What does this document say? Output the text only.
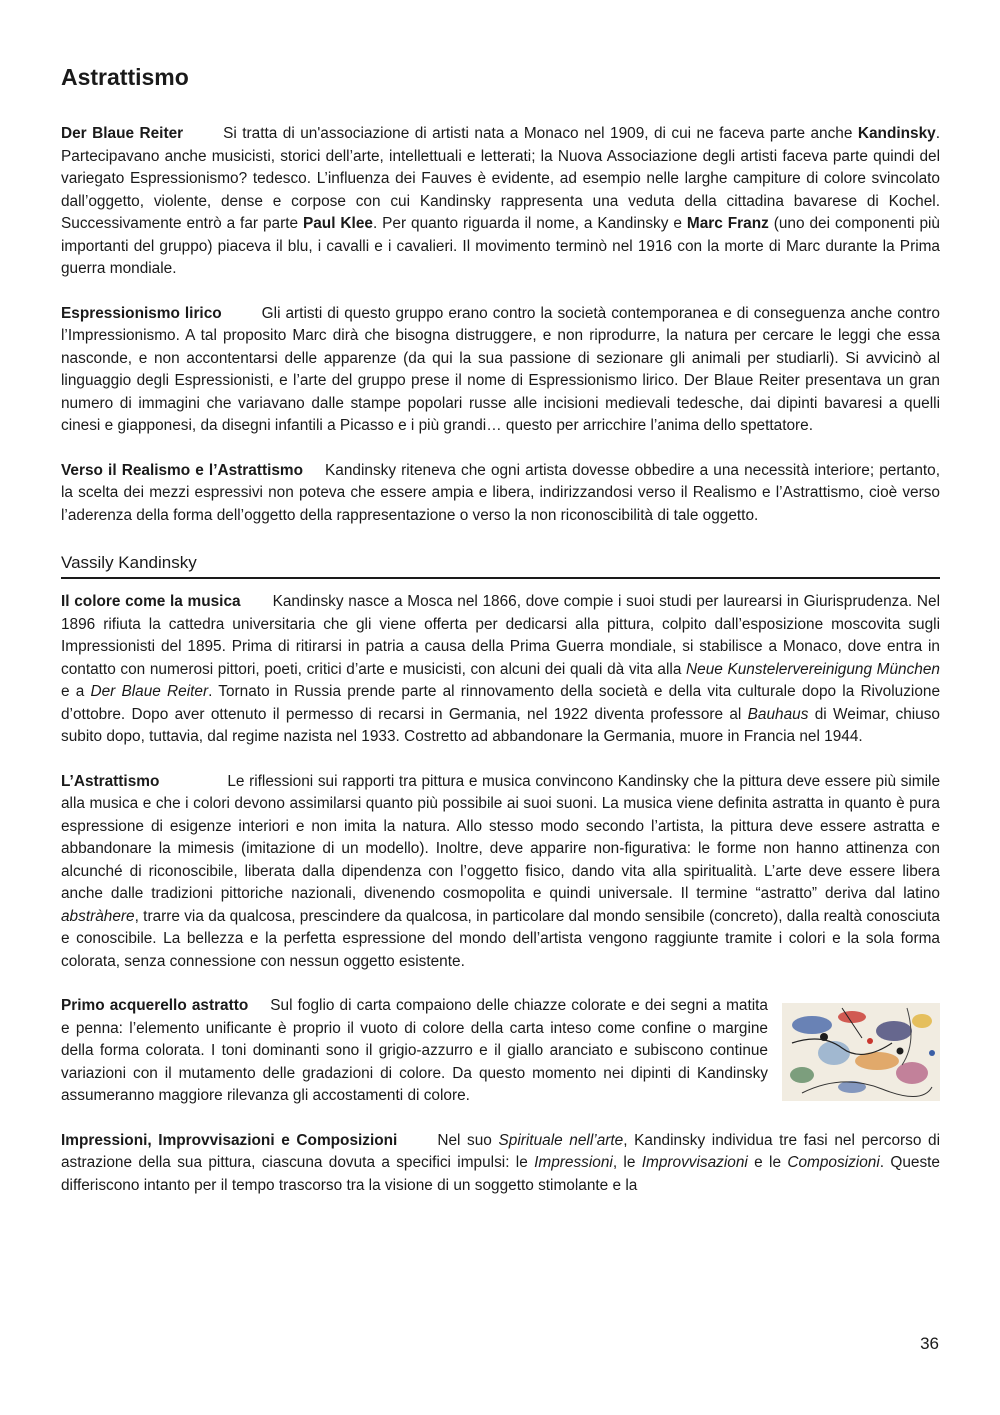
Astrattismo

Der Blaue Reiter	Si tratta di un'associazione di artisti nata a Monaco nel 1909, di cui ne faceva parte anche Kandinsky. Partecipavano anche musicisti, storici dell’arte, intellettuali e letterati; la Nuova Associazione degli artisti faceva parte quindi del variegato Espressionismo? tedesco. L’influenza dei Fauves è evidente, ad esempio nelle larghe campiture di colore svincolato dall’oggetto, violente, dense e corpose con cui Kandinsky rappresenta una veduta della cittadina bavarese di Kochel. Successivamente entrò a far parte Paul Klee. Per quanto riguarda il nome, a Kandinsky e Marc Franz (uno dei componenti più importanti del gruppo) piaceva il blu, i cavalli e i cavalieri. Il movimento terminò nel 1916 con la morte di Marc durante la Prima guerra mondiale.

Espressionismo lirico	Gli artisti di questo gruppo erano contro la società contemporanea e di conseguenza anche contro l’Impressionismo. A tal proposito Marc dirà che bisogna distruggere, e non riprodurre, la natura per cercare le leggi che essa nasconde, e non accontentarsi delle apparenze (da qui la sua passione di sezionare gli animali per studiarli). Si avvicinò al linguaggio degli Espressionisti, e l’arte del gruppo prese il nome di Espressionismo lirico. Der Blaue Reiter presentava un gran numero di immagini che variavano dalle stampe popolari russe alle incisioni medievali tedesche, dai dipinti bavaresi a quelli cinesi e giapponesi, da disegni infantili a Picasso e i più grandi… questo per arricchire l’anima dello spettatore.

Verso il Realismo e l’Astrattismo Kandinsky riteneva che ogni artista dovesse obbedire a una necessità interiore; pertanto, la scelta dei mezzi espressivi non poteva che essere ampia e libera, indirizzandosi verso il Realismo e l’Astrattismo, cioè verso l’aderenza della forma dell’oggetto della rappresentazione o verso la non riconoscibilità di tale oggetto.

Vassily Kandinsky

Il colore come la musica Kandinsky nasce a Mosca nel 1866, dove compie i suoi studi per laurearsi in Giurisprudenza. Nel 1896 rifiuta la cattedra universitaria che gli viene offerta per dedicarsi alla pittura, colpito dall’esposizione moscovita sugli Impressionisti del 1895. Prima di ritirarsi in patria a causa della Prima Guerra mondiale, si stabilisce a Monaco, dove entra in contatto con numerosi pittori, poeti, critici d’arte e musicisti, con alcuni dei quali dà vita alla Neue Kunstelervereinigung München e a Der Blaue Reiter. Tornato in Russia prende parte al rinnovamento della società e della vita culturale dopo la Rivoluzione d’ottobre. Dopo aver ottenuto il permesso di recarsi in Germania, nel 1922 diventa professore al Bauhaus di Weimar, chiuso subito dopo, tuttavia, dal regime nazista nel 1933. Costretto ad abbandonare la Germania, muore in Francia nel 1944.

L’Astrattismo	Le riflessioni sui rapporti tra pittura e musica convincono Kandinsky che la pittura deve essere più simile alla musica e che i colori devono assimilarsi quanto più possibile ai suoi suoni. La musica viene definita astratta in quanto è pura espressione di esigenze interiori e non imita la natura. Allo stesso modo secondo l’artista, la pittura deve essere astratta e abbandonare la mimesis (imitazione di un modello). Inoltre, deve apparire non-figurativa: le forme non hanno attinenza con alcunché di riconoscibile, liberata dalla dipendenza con l’oggetto fisico, dando vita alla spiritualità. L’arte deve essere libera anche dalle tradizioni pittoriche nazionali, divenendo cosmopolita e quindi universale. Il termine “astratto” deriva dal latino abstràhere, trarre via da qualcosa, prescindere da qualcosa, in particolare dal mondo sensibile (concreto), dalla realtà conosciuta e conoscibile. La bellezza e la perfetta espressione del mondo dell’artista vengono raggiunte tramite i colori e la sola forma colorata, senza connessione con nessun oggetto esistente.

Primo acquerello astratto Sul foglio di carta compaiono delle chiazze colorate e dei segni a matita e penna: l’elemento unificante è proprio il vuoto di colore della carta inteso come confine o margine della forma colorata. I toni dominanti sono il grigio-azzurro e il giallo aranciato e subiscono continue variazioni con il mutamento delle gradazioni di colore. Da questo momento nei dipinti di Kandinsky assumeranno maggiore rilevanza gli accostamenti di colore.

Impressioni, Improvvisazioni e Composizioni	Nel suo Spirituale nell’arte, Kandinsky individua tre fasi nel percorso di astrazione della sua pittura, ciascuna dovuta a specifici impulsi: le Impressioni, le Improvvisazioni e le Composizioni. Queste differiscono intanto per il tempo trascorso tra la visione di un soggetto stimolante e la

36
